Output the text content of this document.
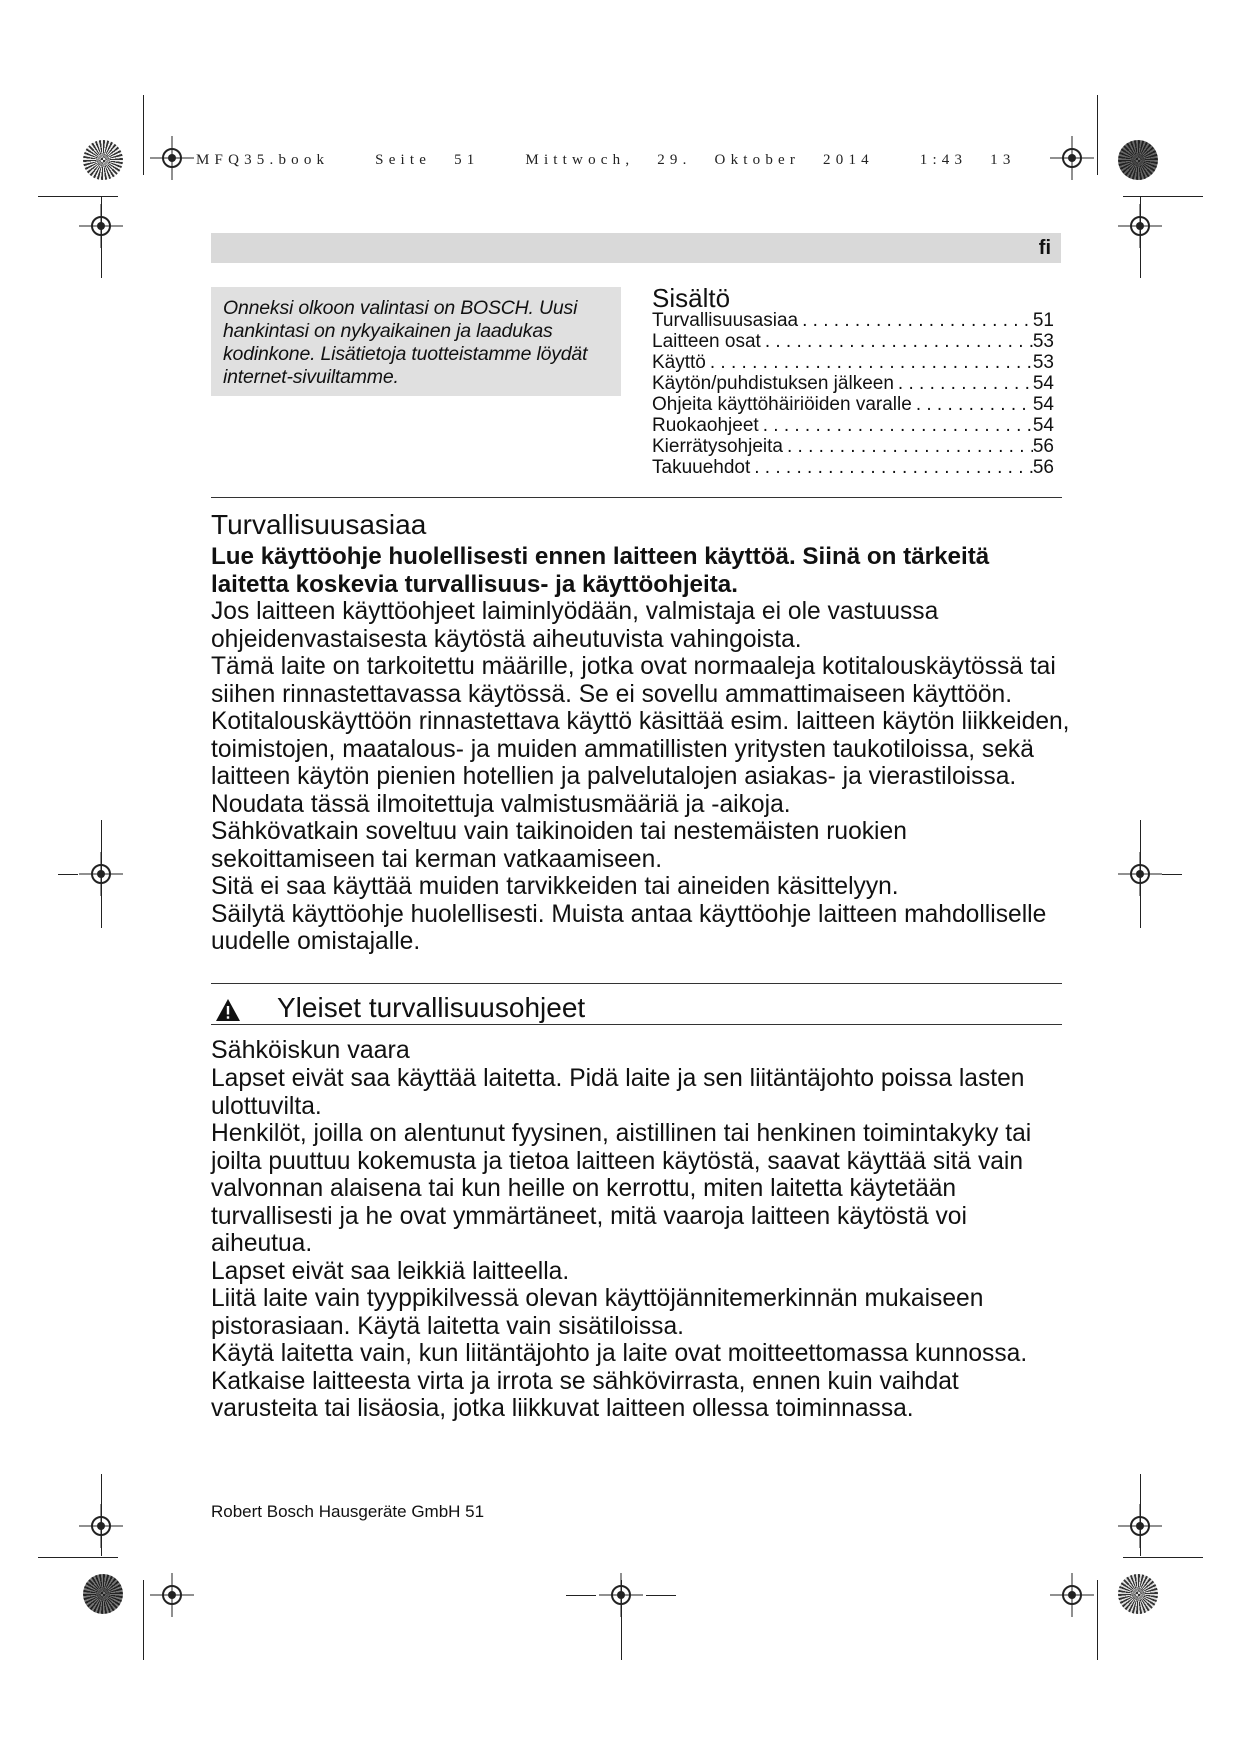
MFQ35.book  Seite 51  Mittwoch, 29. Oktober 2014  1:43 13
fi
Onneksi olkoon valintasi on BOSCH. Uusi hankintasi on nykyaikainen ja laadukas kodinkone. Lisätietoja tuotteistamme löydät internet-sivuiltamme.
Sisältö
Turvallisuusasiaa . . .	51
Laitteen osat . . .	53
Käyttö . . .	53
Käytön/puhdistuksen jälkeen . . .	54
Ohjeita käyttöhäiriöiden varalle . . .	54
Ruokaohjeet . . .	54
Kierrätysohjeita . . .	56
Takuuehdot . . .	56
Turvallisuusasiaa

Lue käyttöohje huolellisesti ennen laitteen käyttöä. Siinä on tärkeitä laitetta koskevia turvallisuus- ja käyttöohjeita.

Jos laitteen käyttöohjeet laiminlyödään, valmistaja ei ole vastuussa ohjeidenvastaisesta käytöstä aiheutuvista vahingoista.

Tämä laite on tarkoitettu määrille, jotka ovat normaaleja kotitalouskäytössä tai siihen rinnastettavassa käytössä. Se ei sovellu ammattimaiseen käyttöön. Kotitalouskäyttöön rinnastettava käyttö käsittää esim. laitteen käytön liikkeiden, toimistojen, maatalous- ja muiden ammatillisten yritysten taukotiloissa, sekä laitteen käytön pienien hotellien ja palvelutalojen asiakas- ja vierastiloissa.

Noudata tässä ilmoitettuja valmistusmääriä ja -aikoja.

Sähkövatkain soveltuu vain taikinoiden tai nestemäisten ruokien sekoittamiseen tai kerman vatkaamiseen.

Sitä ei saa käyttää muiden tarvikkeiden tai aineiden käsittelyyn.

Säilytä käyttöohje huolellisesti. Muista antaa käyttöohje laitteen mahdolliselle uudelle omistajalle.

Yleiset turvallisuusohjeet
Sähköiskun vaara

Lapset eivät saa käyttää laitetta. Pidä laite ja sen liitäntäjohto poissa lasten ulottuvilta.

Henkilöt, joilla on alentunut fyysinen, aistillinen tai henkinen toimintakyky tai joilta puuttuu kokemusta ja tietoa laitteen käytöstä, saavat käyttää sitä vain valvonnan alaisena tai kun heille on kerrottu, miten laitetta käytetään turvallisesti ja he ovat ymmärtäneet, mitä vaaroja laitteen käytöstä voi aiheutua.

Lapset eivät saa leikkiä laitteella.

Liitä laite vain tyyppikilvessä olevan käyttöjännitemerkinnän mukaiseen pistorasiaan. Käytä laitetta vain sisätiloissa.

Käytä laitetta vain, kun liitäntäjohto ja laite ovat moitteettomassa kunnossa.

Katkaise laitteesta virta ja irrota se sähkövirrasta, ennen kuin vaihdat varusteita tai lisäosia, jotka liikkuvat laitteen ollessa toiminnassa.

Robert Bosch Hausgeräte GmbH 51
